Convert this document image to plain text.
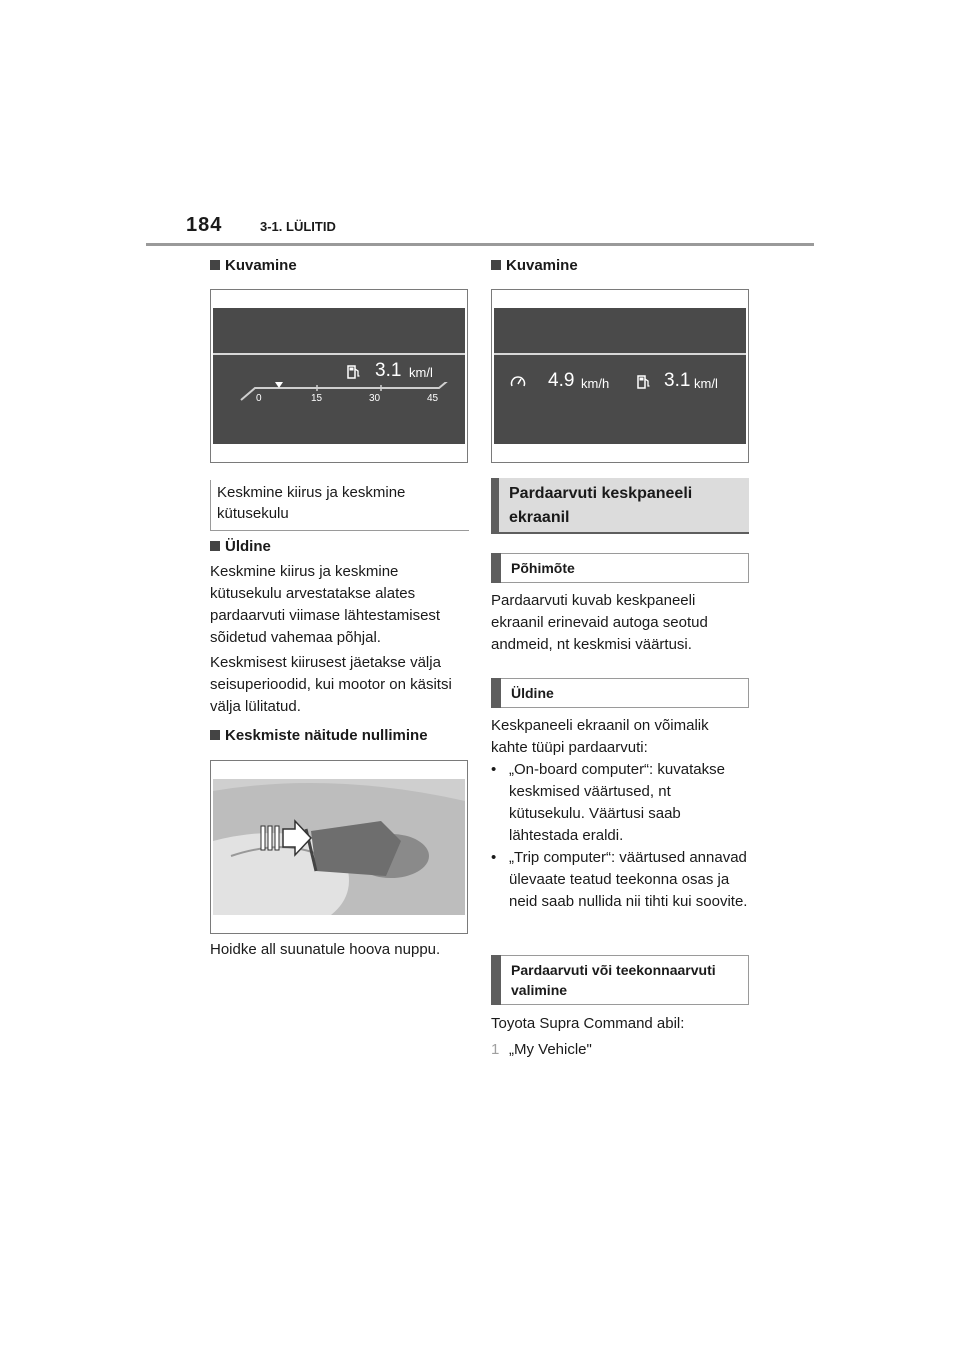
184	3-1. LÜLITID
Kuvamine
3.1 km/l
0	15	30	45
Keskmine kiirus ja keskmine kütusekulu
Üldine
Keskmine kiirus ja keskmine kütusekulu arvestatakse alates pardaarvuti viimase lähtestamisest sõidetud vahemaa põhjal.
Keskmisest kiirusest jäetakse välja seisuperioodid, kui mootor on käsitsi välja lülitatud.
Keskmiste näitude nullimine
Hoidke all suunatule hoova nuppu.
Kuvamine
4.9 km/h	3.1 km/l
Pardaarvuti keskpaneeli ekraanil
Põhimõte
Pardaarvuti kuvab keskpaneeli ekraanil erinevaid autoga seotud andmeid, nt keskmisi väärtusi.
Üldine
Keskpaneeli ekraanil on võimalik kahte tüüpi pardaarvuti:
• „On-board computer“: kuvatakse keskmised väärtused, nt kütusekulu. Väärtusi saab lähtestada eraldi.
• „Trip computer“: väärtused annavad ülevaate teatud teekonna osas ja neid saab nullida nii tihti kui soovite.
Pardaarvuti või teekonnaarvuti valimine
Toyota Supra Command abil:
1 „My Vehicle"
